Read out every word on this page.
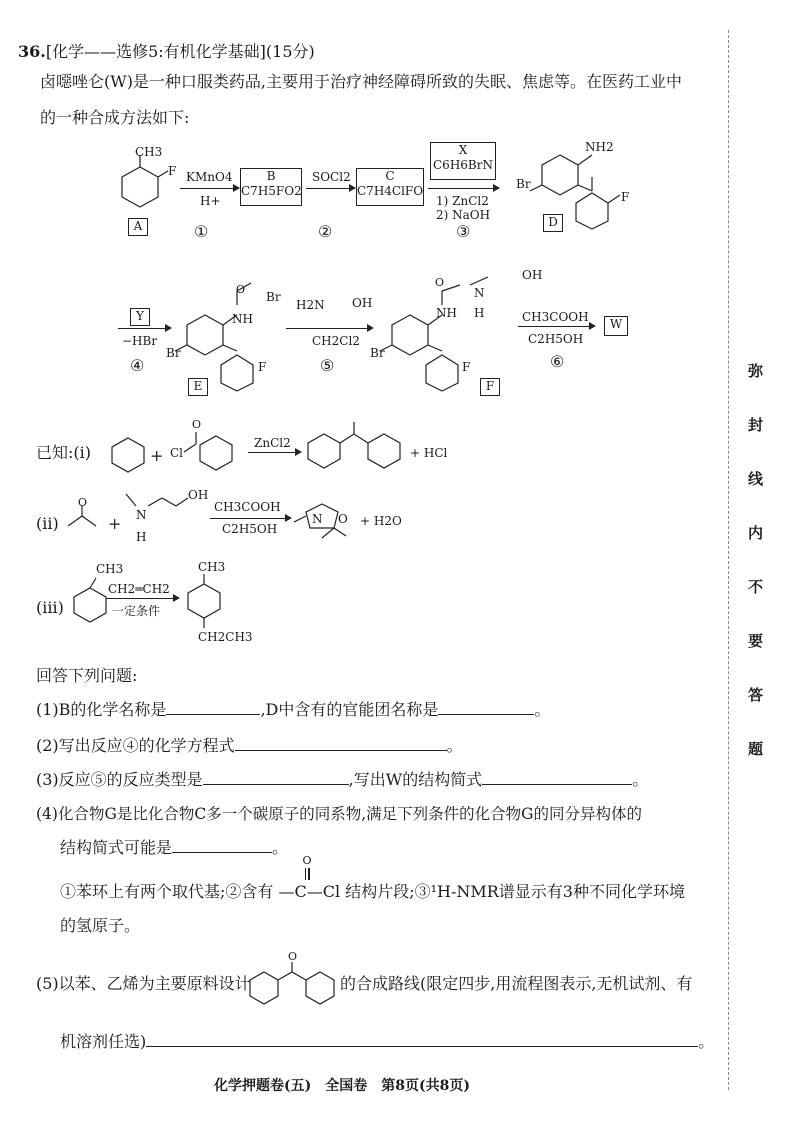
36.[化学——选修5:有机化学基础](15分)
卤噁唑仑(W)是一种口服类药品,主要用于治疗神经障碍所致的失眠、焦虑等。在医药工业中
的一种合成方法如下:
CH3
F
A
KMnO4
H+
①
B
C7H5FO2
SOCl2
②
C
C7H4ClFO
X
C6H6BrN
1) ZnCl2
2) NaOH
③
NH2
Br
F
D
Y
−HBr
④
O
Br
NH
Br
F
E
H2N OH
CH2Cl2
⑤
O
OH
N
H
NH
Br
F
F
CH3COOH
C2H5OH
⑥
W
已知:(ⅰ)	+ Cl
O
ZnCl2
+ HCl
(ⅱ)
O
+ N
H
OH
CH3COOH
C2H5OH
N O + H2O
(ⅲ)
CH3
CH2═CH2
一定条件
CH3
CH2CH3
回答下列问题:
(1)B的化学名称是	,D中含有的官能团名称是	。
(2)写出反应④的化学方程式	。
(3)反应⑤的反应类型是	,写出W的结构简式	。
(4)化合物G是比化合物C多一个碳原子的同系物,满足下列条件的化合物G的同分异构体的
结构简式可能是	。
①苯环上有两个取代基;②含有
O
—C—Cl 结构片段;③¹H-NMR谱显示有3种不同化学环境
的氢原子。
(5)以苯、乙烯为主要原料设计
O
的合成路线(限定四步,用流程图表示,无机试剂、有
机溶剂任选)	。
弥
封
线
内
不
要
答
题
化学押题卷(五)　全国卷　第8页(共8页)
